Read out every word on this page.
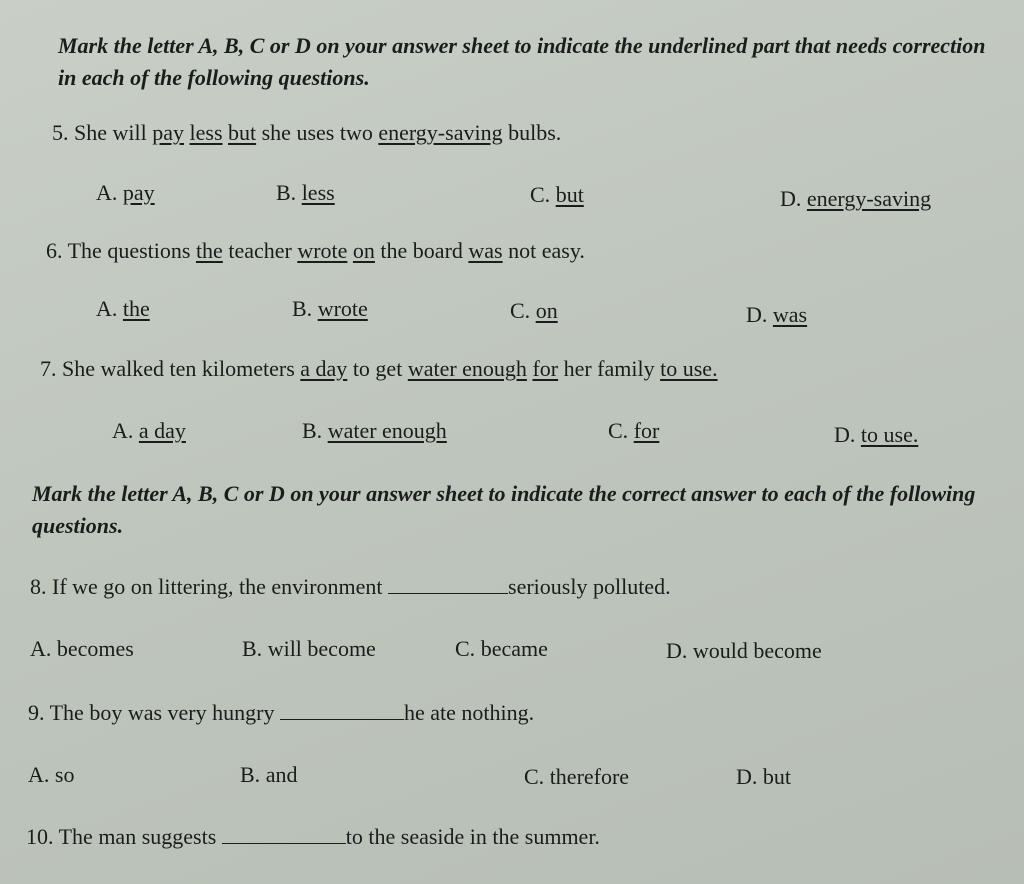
Mark the letter A, B, C or D on your answer sheet to indicate the underlined part that needs correction in each of the following questions.
5. She will pay less but she uses two energy-saving bulbs.
A. pay	B. less	C. but	D. energy-saving
6. The questions the teacher wrote on the board was not easy.
A. the	B. wrote	C. on	D. was
7. She walked ten kilometers a day to get water enough for her family to use.
A. a day	B. water enough	C. for	D. to use.
Mark the letter A, B, C or D on your answer sheet to indicate the correct answer to each of the following questions.
8. If we go on littering, the environment	seriously polluted.
A. becomes	B. will become	C. became	D. would become
9. The boy was very hungry	he ate nothing.
A. so	B. and	C. therefore	D. but
10. The man suggests	to the seaside in the summer.
